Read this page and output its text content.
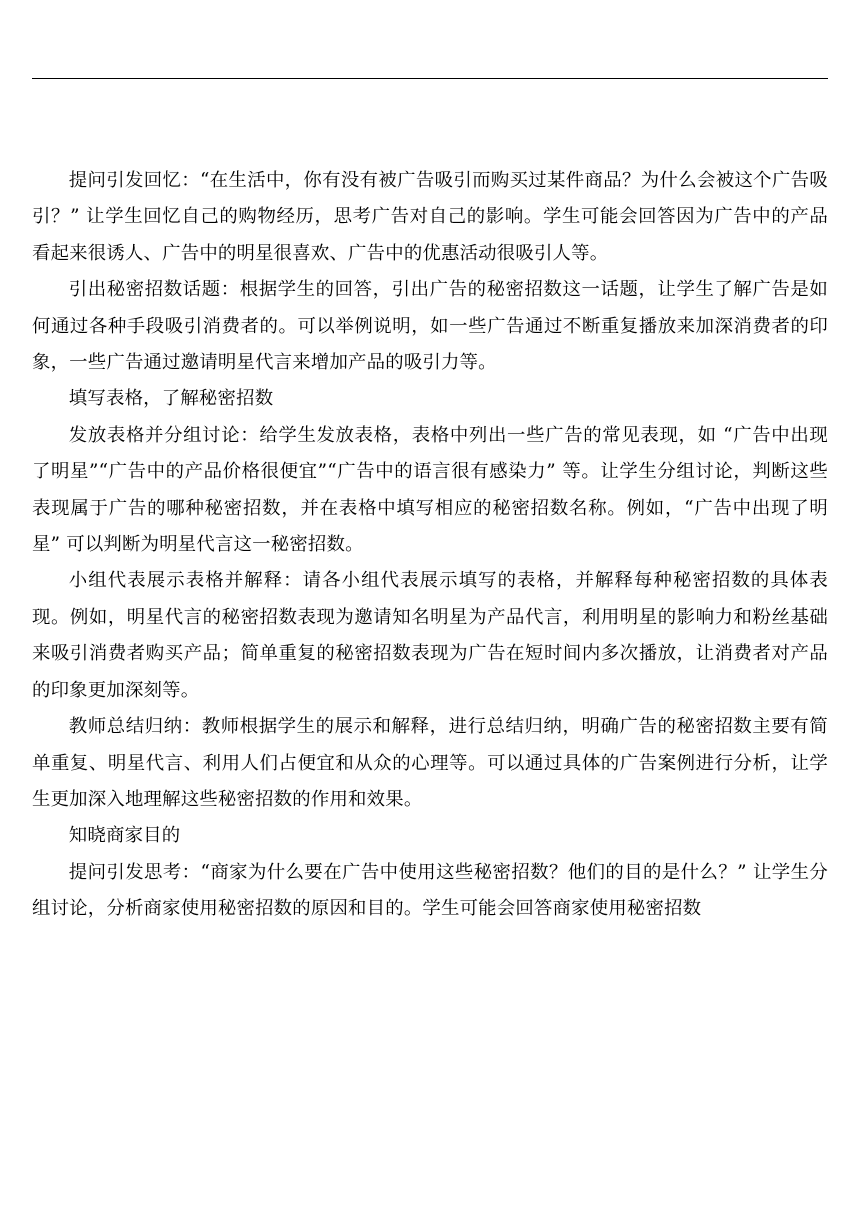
提问引发回忆：“在生活中，你有没有被广告吸引而购买过某件商品？为什么会被这个广告吸引？” 让学生回忆自己的购物经历，思考广告对自己的影响。学生可能会回答因为广告中的产品看起来很诱人、广告中的明星很喜欢、广告中的优惠活动很吸引人等。

引出秘密招数话题：根据学生的回答，引出广告的秘密招数这一话题，让学生了解广告是如何通过各种手段吸引消费者的。可以举例说明，如一些广告通过不断重复播放来加深消费者的印象，一些广告通过邀请明星代言来增加产品的吸引力等。

填写表格，了解秘密招数

发放表格并分组讨论：给学生发放表格，表格中列出一些广告的常见表现，如 “广告中出现了明星”“广告中的产品价格很便宜”“广告中的语言很有感染力” 等。让学生分组讨论，判断这些表现属于广告的哪种秘密招数，并在表格中填写相应的秘密招数名称。例如，“广告中出现了明星” 可以判断为明星代言这一秘密招数。

小组代表展示表格并解释：请各小组代表展示填写的表格，并解释每种秘密招数的具体表现。例如，明星代言的秘密招数表现为邀请知名明星为产品代言，利用明星的影响力和粉丝基础来吸引消费者购买产品；简单重复的秘密招数表现为广告在短时间内多次播放，让消费者对产品的印象更加深刻等。

教师总结归纳：教师根据学生的展示和解释，进行总结归纳，明确广告的秘密招数主要有简单重复、明星代言、利用人们占便宜和从众的心理等。可以通过具体的广告案例进行分析，让学生更加深入地理解这些秘密招数的作用和效果。

知晓商家目的

提问引发思考：“商家为什么要在广告中使用这些秘密招数？他们的目的是什么？” 让学生分组讨论，分析商家使用秘密招数的原因和目的。学生可能会回答商家使用秘密招数
